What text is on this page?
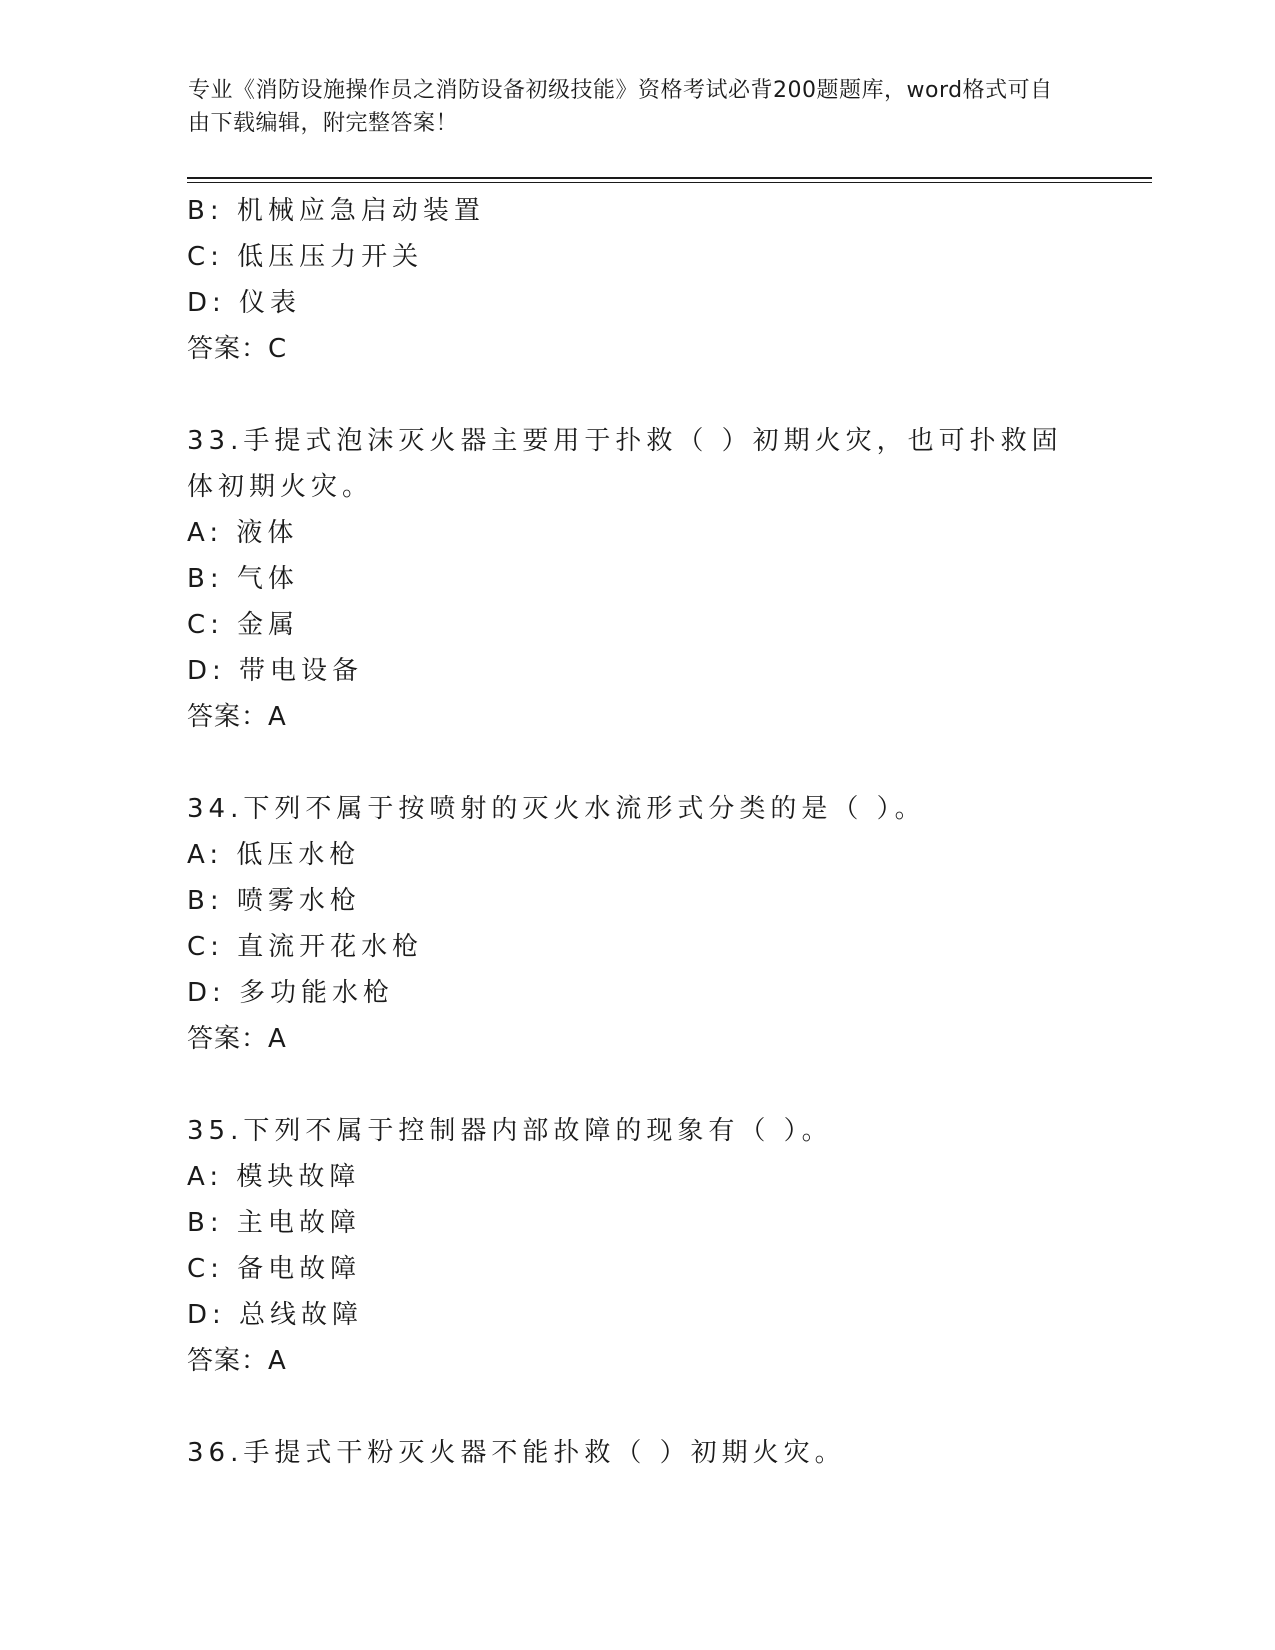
专业《消防设施操作员之消防设备初级技能》资格考试必背200题题库，word格式可自由下载编辑，附完整答案！
B: 机械应急启动装置
C: 低压压力开关
D: 仪表
答案：C
33.手提式泡沫灭火器主要用于扑救（ ）初期火灾，也可扑救固体初期火灾。
A: 液体
B: 气体
C: 金属
D: 带电设备
答案：A
34.下列不属于按喷射的灭火水流形式分类的是（ ）。
A: 低压水枪
B: 喷雾水枪
C: 直流开花水枪
D: 多功能水枪
答案：A
35.下列不属于控制器内部故障的现象有（ ）。
A: 模块故障
B: 主电故障
C: 备电故障
D: 总线故障
答案：A
36.手提式干粉灭火器不能扑救（ ）初期火灾。
